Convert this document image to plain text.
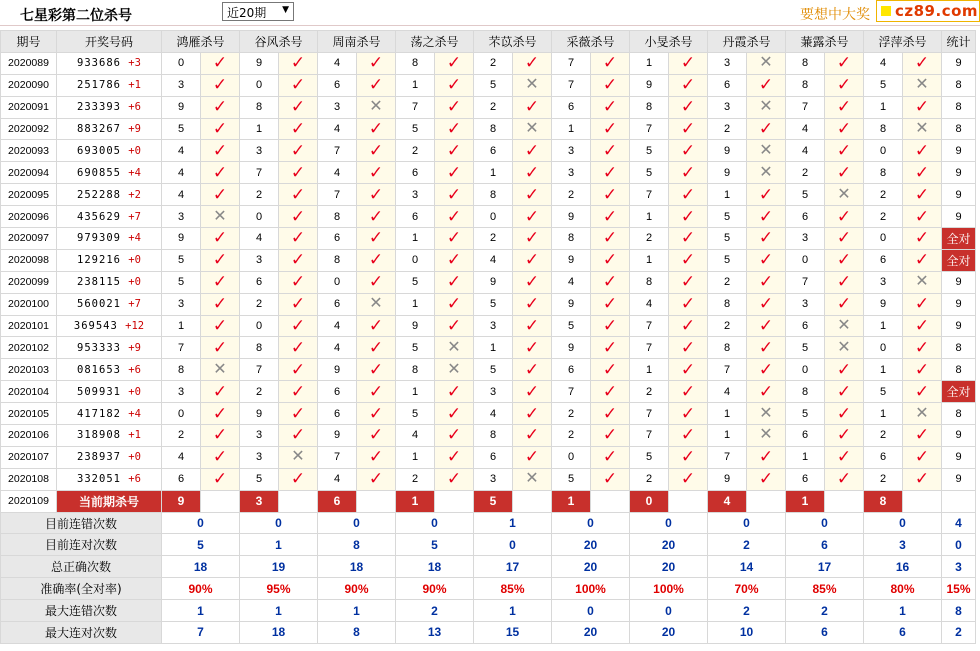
七星彩第二位杀号	近20期 ▼	要想中大奖 cz89.com
期号	开奖号码	鸿雁杀号		谷风杀号		周南杀号		荡之杀号		芣苡杀号		采薇杀号		小旻杀号		丹霞杀号		蒹露杀号		浮萍杀号		统计
2020089	933686 +3	0	✓	9	✓	4	✓	8	✓	2	✓	7	✓	1	✓	3	✕	8	✓	4	✓	9
2020090	251786 +1	3	✓	0	✓	6	✓	1	✓	5	✕	7	✓	9	✓	6	✓	8	✓	5	✕	8
2020091	233393 +6	9	✓	8	✓	3	✕	7	✓	2	✓	6	✓	8	✓	3	✕	7	✓	1	✓	8
2020092	883267 +9	5	✓	1	✓	4	✓	5	✓	8	✕	1	✓	7	✓	2	✓	4	✓	8	✕	8
2020093	693005 +0	4	✓	3	✓	7	✓	2	✓	6	✓	3	✓	5	✓	9	✕	4	✓	0	✓	9
2020094	690855 +4	4	✓	7	✓	4	✓	6	✓	1	✓	3	✓	5	✓	9	✕	2	✓	8	✓	9
2020095	252288 +2	4	✓	2	✓	7	✓	3	✓	8	✓	2	✓	7	✓	1	✓	5	✕	2	✓	9
2020096	435629 +7	3	✕	0	✓	8	✓	6	✓	0	✓	9	✓	1	✓	5	✓	6	✓	2	✓	9
2020097	979309 +4	9	✓	4	✓	6	✓	1	✓	2	✓	8	✓	2	✓	5	✓	3	✓	0	✓	全对
2020098	129216 +0	5	✓	3	✓	8	✓	0	✓	4	✓	9	✓	1	✓	5	✓	0	✓	6	✓	全对
2020099	238115 +0	5	✓	6	✓	0	✓	5	✓	9	✓	4	✓	8	✓	2	✓	7	✓	3	✕	9
2020100	560021 +7	3	✓	2	✓	6	✕	1	✓	5	✓	9	✓	4	✓	8	✓	3	✓	9	✓	9
2020101	369543 +12	1	✓	0	✓	4	✓	9	✓	3	✓	5	✓	7	✓	2	✓	6	✕	1	✓	9
2020102	953333 +9	7	✓	8	✓	4	✓	5	✕	1	✓	9	✓	7	✓	8	✓	5	✕	0	✓	8
2020103	081653 +6	8	✕	7	✓	9	✓	8	✕	5	✓	6	✓	1	✓	7	✓	0	✓	1	✓	8
2020104	509931 +0	3	✓	2	✓	6	✓	1	✓	3	✓	7	✓	2	✓	4	✓	8	✓	5	✓	全对
2020105	417182 +4	0	✓	9	✓	6	✓	5	✓	4	✓	2	✓	7	✓	1	✕	5	✓	1	✕	8
2020106	318908 +1	2	✓	3	✓	9	✓	4	✓	8	✓	2	✓	7	✓	1	✕	6	✓	2	✓	9
2020107	238937 +0	4	✓	3	✕	7	✓	1	✓	6	✓	0	✓	5	✓	7	✓	1	✓	6	✓	9
2020108	332051 +6	6	✓	5	✓	4	✓	2	✓	3	✕	5	✓	2	✓	9	✓	6	✓	2	✓	9
2020109	当前期杀号	9		3		6		1		5		1		0		4		1		8		
目前连错次数		0		0		0		0		1		0		0		0		0		0		4
目前连对次数		5		1		8		5		0		20		20		2		6		3		0
总正确次数		18		19		18		18		17		20		20		14		17		16		3
准确率(全对率)		90%		95%		90%		90%		85%		100%		100%		70%		85%		80%		15%
最大连错次数		1		1		1		2		1		0		0		2		2		1		8
最大连对次数		7		18		8		13		15		20		20		10		6		6		2
